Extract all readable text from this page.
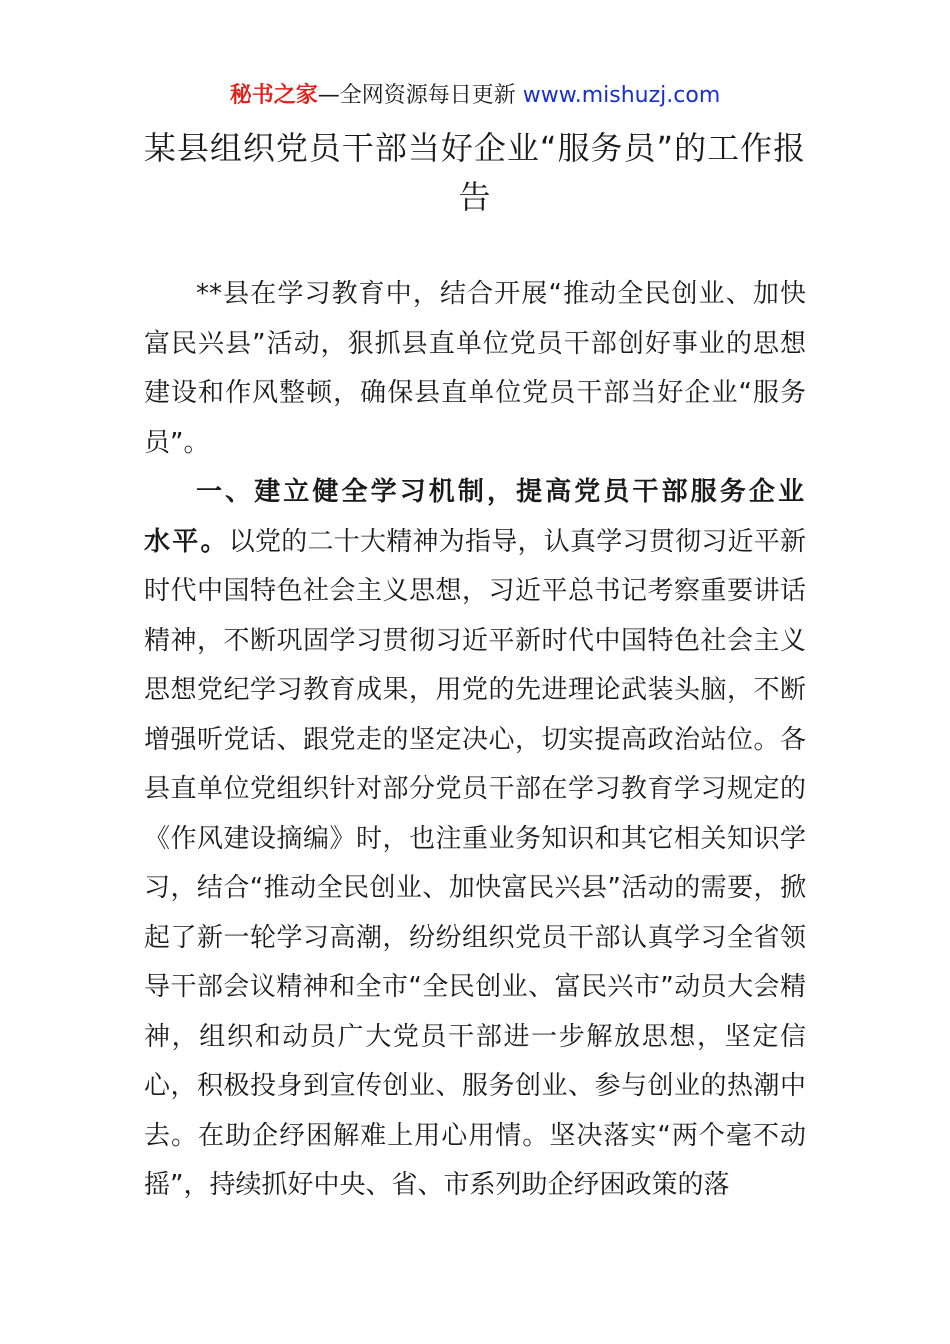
秘书之家—全网资源每日更新 www.mishuzj.com
某县组织党员干部当好企业“服务员”的工作报告

**县在学习教育中，结合开展“推动全民创业、加快富民兴县”活动，狠抓县直单位党员干部创好事业的思想建设和作风整顿，确保县直单位党员干部当好企业“服务员”。

一、建立健全学习机制，提高党员干部服务企业水平。以党的二十大精神为指导，认真学习贯彻习近平新时代中国特色社会主义思想，习近平总书记考察重要讲话精神，不断巩固学习贯彻习近平新时代中国特色社会主义思想党纪学习教育成果，用党的先进理论武装头脑，不断增强听党话、跟党走的坚定决心，切实提高政治站位。各县直单位党组织针对部分党员干部在学习教育学习规定的《作风建设摘编》时，也注重业务知识和其它相关知识学习，结合“推动全民创业、加快富民兴县”活动的需要，掀起了新一轮学习高潮，纷纷组织党员干部认真学习全省领导干部会议精神和全市“全民创业、富民兴市”动员大会精神，组织和动员广大党员干部进一步解放思想，坚定信心，积极投身到宣传创业、服务创业、参与创业的热潮中去。在助企纾困解难上用心用情。坚决落实“两个毫不动摇”，持续抓好中央、省、市系列助企纾困政策的落
